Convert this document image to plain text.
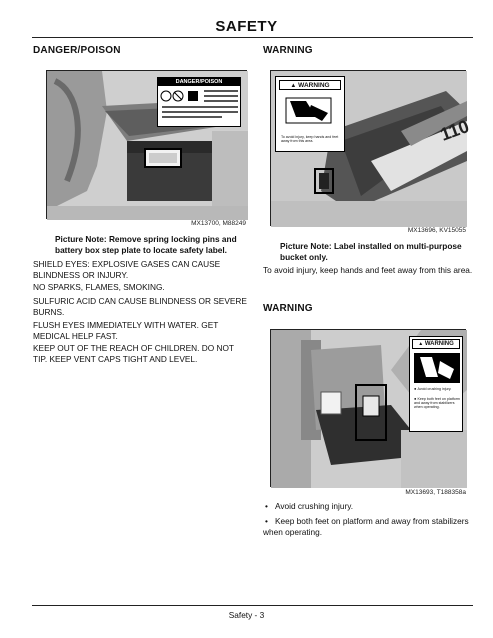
SAFETY
DANGER/POISON
DANGER/POISON
MX13700, M88249
Picture Note: Remove spring locking pins and battery box step plate to locate safety label.
SHIELD EYES: EXPLOSIVE GASES CAN CAUSE BLINDNESS OR INJURY.
NO SPARKS, FLAMES, SMOKING.
SULFURIC ACID CAN CAUSE BLINDNESS OR SEVERE BURNS.
FLUSH EYES IMMEDIATELY WITH WATER. GET MEDICAL HELP FAST.
KEEP OUT OF THE REACH OF CHILDREN. DO NOT TIP. KEEP VENT CAPS TIGHT AND LEVEL.
WARNING
110
▲ WARNING
To avoid injury, keep hands and feet away from this area.
MX13696, KV15055
Picture Note: Label installed on multi-purpose bucket only.
To avoid injury, keep hands and feet away from this area.
WARNING
▲ WARNING
● Avoid crushing injury.
● Keep both feet on platform and away from stabilizers when operating.
MX13693, T188358a
• Avoid crushing injury.
• Keep both feet on platform and away from stabilizers when operating.
Safety - 3
